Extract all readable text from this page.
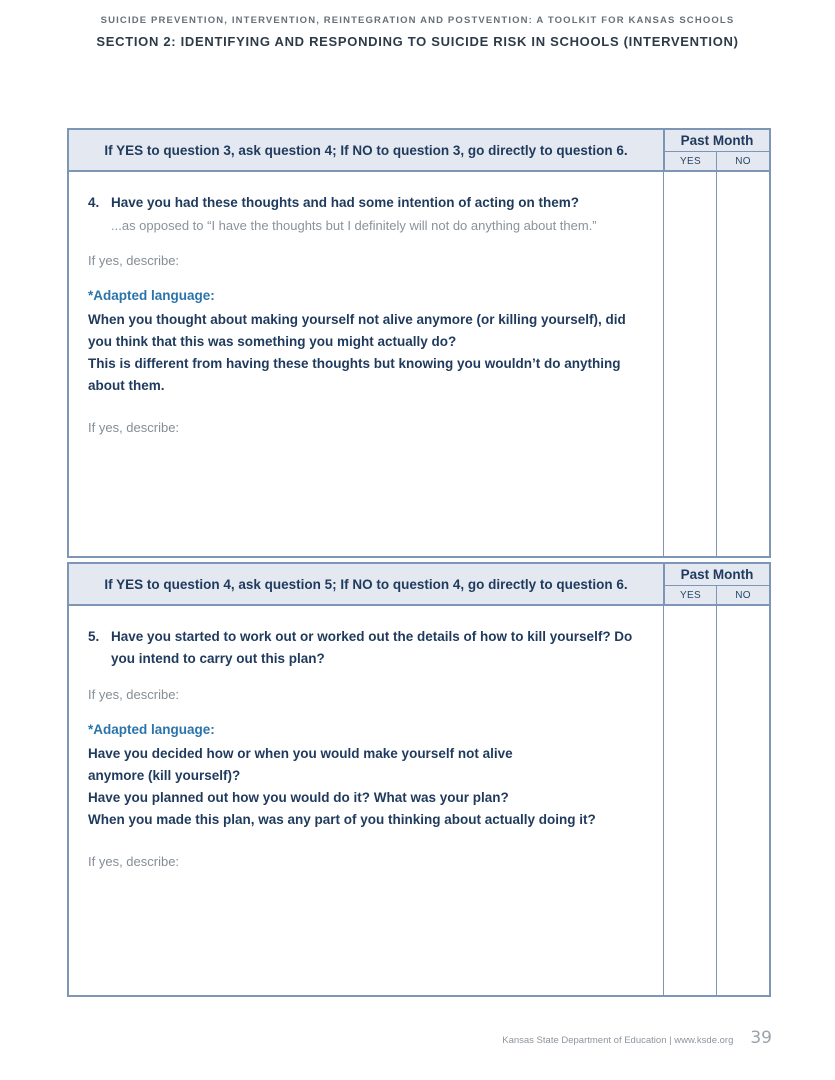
SUICIDE PREVENTION, INTERVENTION, REINTEGRATION AND POSTVENTION: A TOOLKIT FOR KANSAS SCHOOLS
SECTION 2: IDENTIFYING AND RESPONDING TO SUICIDE RISK IN SCHOOLS (INTERVENTION)
If YES to question 3, ask question 4; If NO to question 3, go directly to question 6.
Past Month
YES	NO
4. Have you had these thoughts and had some intention of acting on them?
...as opposed to “I have the thoughts but I definitely will not do anything about them.”
If yes, describe:
*Adapted language:
When you thought about making yourself not alive anymore (or killing yourself), did
you think that this was something you might actually do?
This is different from having these thoughts but knowing you wouldn’t do anything
about them.
If yes, describe:
If YES to question 4, ask question 5; If NO to question 4, go directly to question 6.
Past Month
YES	NO
5. Have you started to work out or worked out the details of how to kill yourself? Do
you intend to carry out this plan?
If yes, describe:
*Adapted language:
Have you decided how or when you would make yourself not alive
anymore (kill yourself)?
Have you planned out how you would do it? What was your plan?
When you made this plan, was any part of you thinking about actually doing it?
If yes, describe:
Kansas State Department of Education | www.ksde.org 39
